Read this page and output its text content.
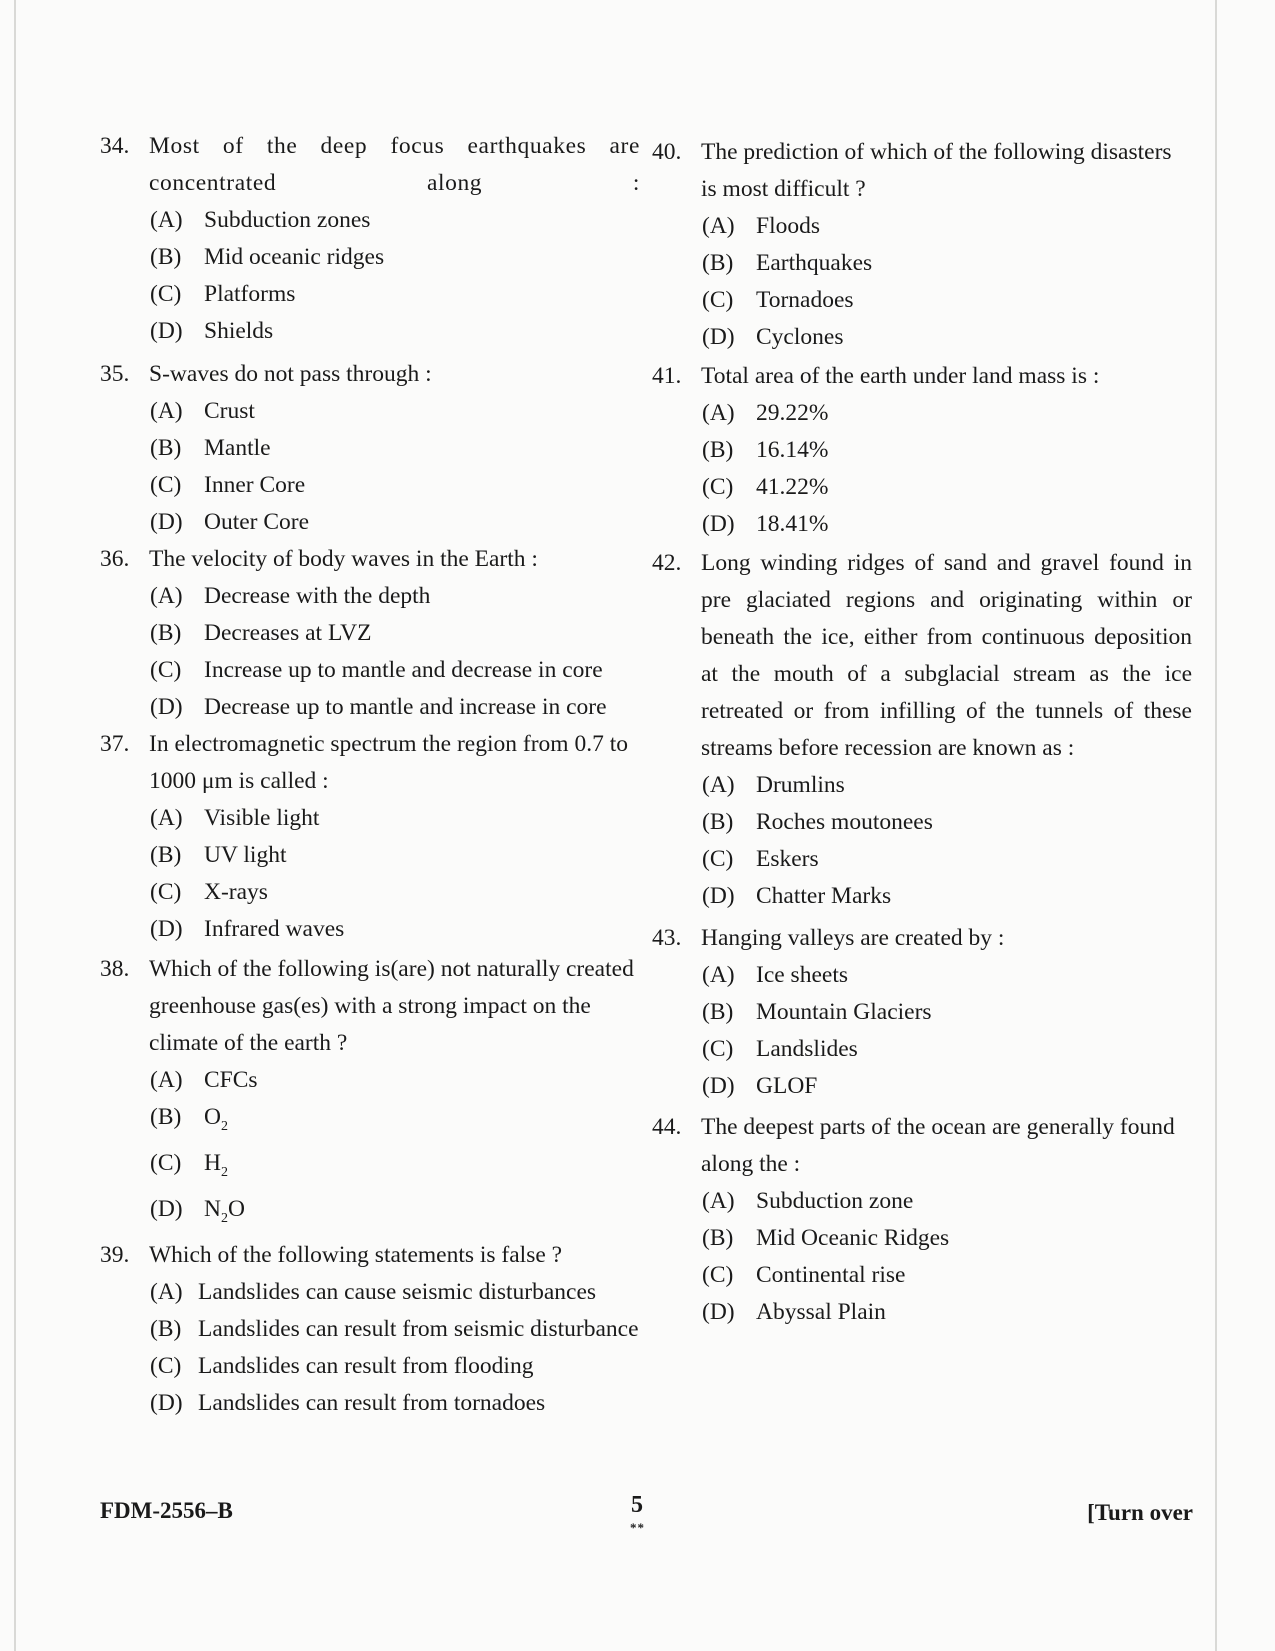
34. Most of the deep focus earthquakes are concentrated along :
(A) Subduction zones
(B) Mid oceanic ridges
(C) Platforms
(D) Shields
35. S-waves do not pass through :
(A) Crust
(B) Mantle
(C) Inner Core
(D) Outer Core
36. The velocity of body waves in the Earth :
(A) Decrease with the depth
(B) Decreases at LVZ
(C) Increase up to mantle and decrease in core
(D) Decrease up to mantle and increase in core
37. In electromagnetic spectrum the region from 0.7 to 1000 μm is called :
(A) Visible light
(B) UV light
(C) X-rays
(D) Infrared waves
38. Which of the following is(are) not naturally created greenhouse gas(es) with a strong impact on the climate of the earth ?
(A) CFCs
(B) $O_2$
(C) $H_2$
(D) $N_2O$
39. Which of the following statements is false ?
(A) Landslides can cause seismic disturbances
(B) Landslides can result from seismic disturbance
(C) Landslides can result from flooding
(D) Landslides can result from tornadoes
40. The prediction of which of the following disasters is most difficult ?
(A) Floods
(B) Earthquakes
(C) Tornadoes
(D) Cyclones
41. Total area of the earth under land mass is :
(A) 29.22%
(B) 16.14%
(C) 41.22%
(D) 18.41%
42. Long winding ridges of sand and gravel found in pre glaciated regions and originating within or beneath the ice, either from continuous deposition at the mouth of a subglacial stream as the ice retreated or from infilling of the tunnels of these streams before recession are known as :
(A) Drumlins
(B) Roches moutonees
(C) Eskers
(D) Chatter Marks
43. Hanging valleys are created by :
(A) Ice sheets
(B) Mountain Glaciers
(C) Landslides
(D) GLOF
44. The deepest parts of the ocean are generally found along the :
(A) Subduction zone
(B) Mid Oceanic Ridges
(C) Continental rise
(D) Abyssal Plain
FDM-2556–B	5
**
[Turn over
